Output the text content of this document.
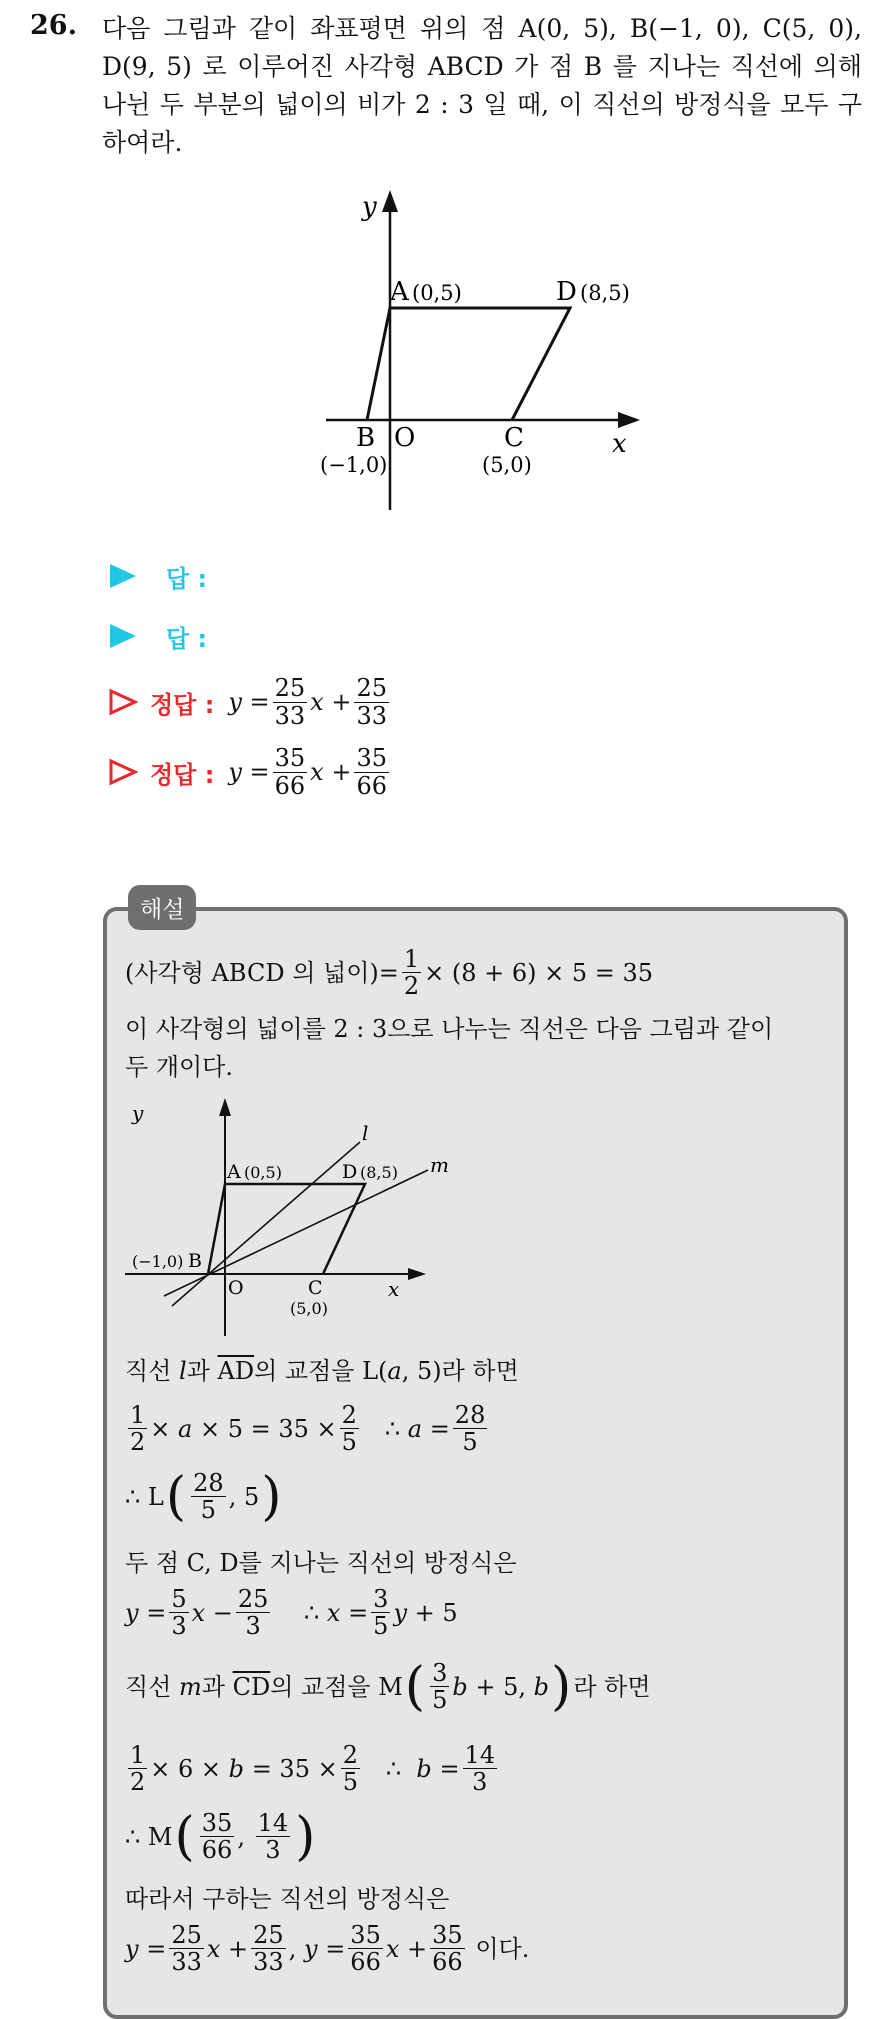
26. 다음 그림과 같이 좌표평면 위의 점 A(0, 5), B(−1, 0), C(5, 0), D(9, 5) 로 이루어진 사각형 ABCD 가 점 B 를 지나는 직선에 의해 나뉜 두 부분의 넓이의 비가 2 : 3 일 때, 이 직선의 방정식을 모두 구하여라.
y
x
A (0,5)	D (8,5)
B
(−1,0)
O	C
(5,0)
답 :
답 :
정답 : $y = \frac{25}{33}$ $x + \frac{25}{33}$
정답 : $y = \frac{35}{66}$ $x + \frac{35}{66}$
해설
(사각형 ABCD 의 넓이)= $\frac{1}{2} \times (8 + 6) \times 5 = 35$
이 사각형의 넓이를 2 : 3으로 나누는 직선은 다음 그림과 같이
두 개이다.
y
x
l
m
A (0,5)	D (8,5)
(−1,0) B
O	C
(5,0)
직선
l 과
$\overline{AD}$ 의 교점을 L( a , 5)라 하면
$\frac{1}{2}$ ×
a
× $5 = 35 \times \frac{2}{5}$
∴
a
= $\frac{28}{5}$
∴ L ( $\frac{28}{5}$ , 5 )
두 점 C, D를 지나는 직선의 방정식은
y
= $\frac{5}{3}$ x
− $\frac{25}{3}$
∴
x
= $\frac{3}{5}$ y
+ 5
직선
m 과
$\overline{CD}$ 의 교점을 M ( $\frac{3}{5}$ b
+ 5,
b ) 라 하면
$\frac{1}{2} \times 6$ ×
b
= $35 \times \frac{2}{5}$
∴
b
= $\frac{14}{3}$
∴ M ( $\frac{35}{66}$ ,
$\frac{14}{3}$ )
따라서 구하는 직선의 방정식은
y
= $\frac{25}{33}$ x
+ $\frac{25}{33}$ ,
y
= $\frac{35}{66}$ x
+ $\frac{35}{66}$
이다.
